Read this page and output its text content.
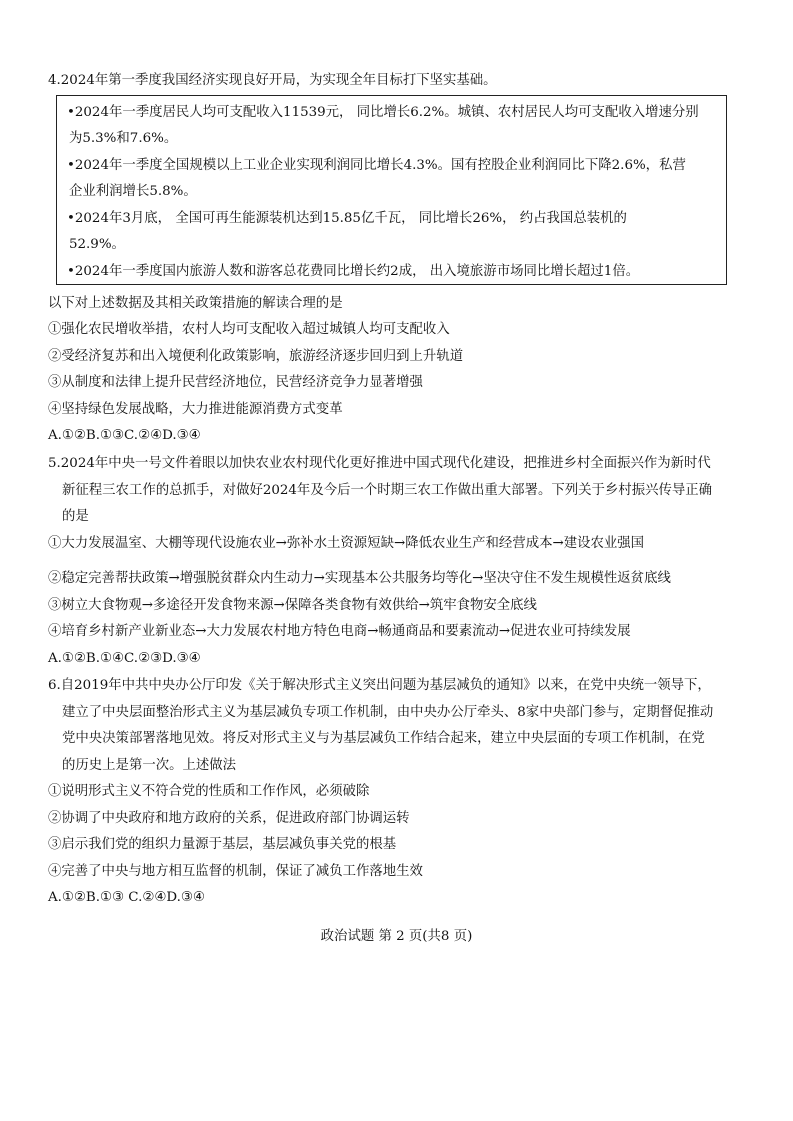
4.2024年第一季度我国经济实现良好开局，为实现全年目标打下坚实基础。
•2024年一季度居民人均可支配收入11539元， 同比增长6.2%。城镇、农村居民人均可支配收入增速分别
为5.3%和7.6%。
•2024年一季度全国规模以上工业企业实现利润同比增长4.3%。国有控股企业利润同比下降2.6%，私营
企业利润增长5.8%。
•2024年3月底， 全国可再生能源装机达到15.85亿千瓦， 同比增长26%， 约占我国总装机的
52.9%。
•2024年一季度国内旅游人数和游客总花费同比增长约2成， 出入境旅游市场同比增长超过1倍。
以下对上述数据及其相关政策措施的解读合理的是
①强化农民增收举措，农村人均可支配收入超过城镇人均可支配收入
②受经济复苏和出入境便利化政策影响，旅游经济逐步回归到上升轨道
③从制度和法律上提升民营经济地位，民营经济竞争力显著增强
④坚持绿色发展战略，大力推进能源消费方式变革
A.①②B.①③C.②④D.③④
5.2024年中央一号文件着眼以加快农业农村现代化更好推进中国式现代化建设，把推进乡村全面振兴作为新时代
新征程三农工作的总抓手，对做好2024年及今后一个时期三农工作做出重大部署。下列关于乡村振兴传导正确
的是
①大力发展温室、大棚等现代设施农业→弥补水土资源短缺→降低农业生产和经营成本→建设农业强国
②稳定完善帮扶政策→增强脱贫群众内生动力→实现基本公共服务均等化→坚决守住不发生规模性返贫底线
③树立大食物观→多途径开发食物来源→保障各类食物有效供给→筑牢食物安全底线
④培育乡村新产业新业态→大力发展农村地方特色电商→畅通商品和要素流动→促进农业可持续发展
A.①②B.①④C.②③D.③④
6.自2019年中共中央办公厅印发《关于解决形式主义突出问题为基层减负的通知》以来，在党中央统一领导下，
建立了中央层面整治形式主义为基层减负专项工作机制，由中央办公厅牵头、8家中央部门参与，定期督促推动
党中央决策部署落地见效。将反对形式主义与为基层减负工作结合起来，建立中央层面的专项工作机制，在党
的历史上是第一次。上述做法
①说明形式主义不符合党的性质和工作作风，必须破除
②协调了中央政府和地方政府的关系，促进政府部门协调运转
③启示我们党的组织力量源于基层，基层减负事关党的根基
④完善了中央与地方相互监督的机制，保证了减负工作落地生效
A.①②B.①③ C.②④D.③④
政治试题 第 2 页(共8 页)
